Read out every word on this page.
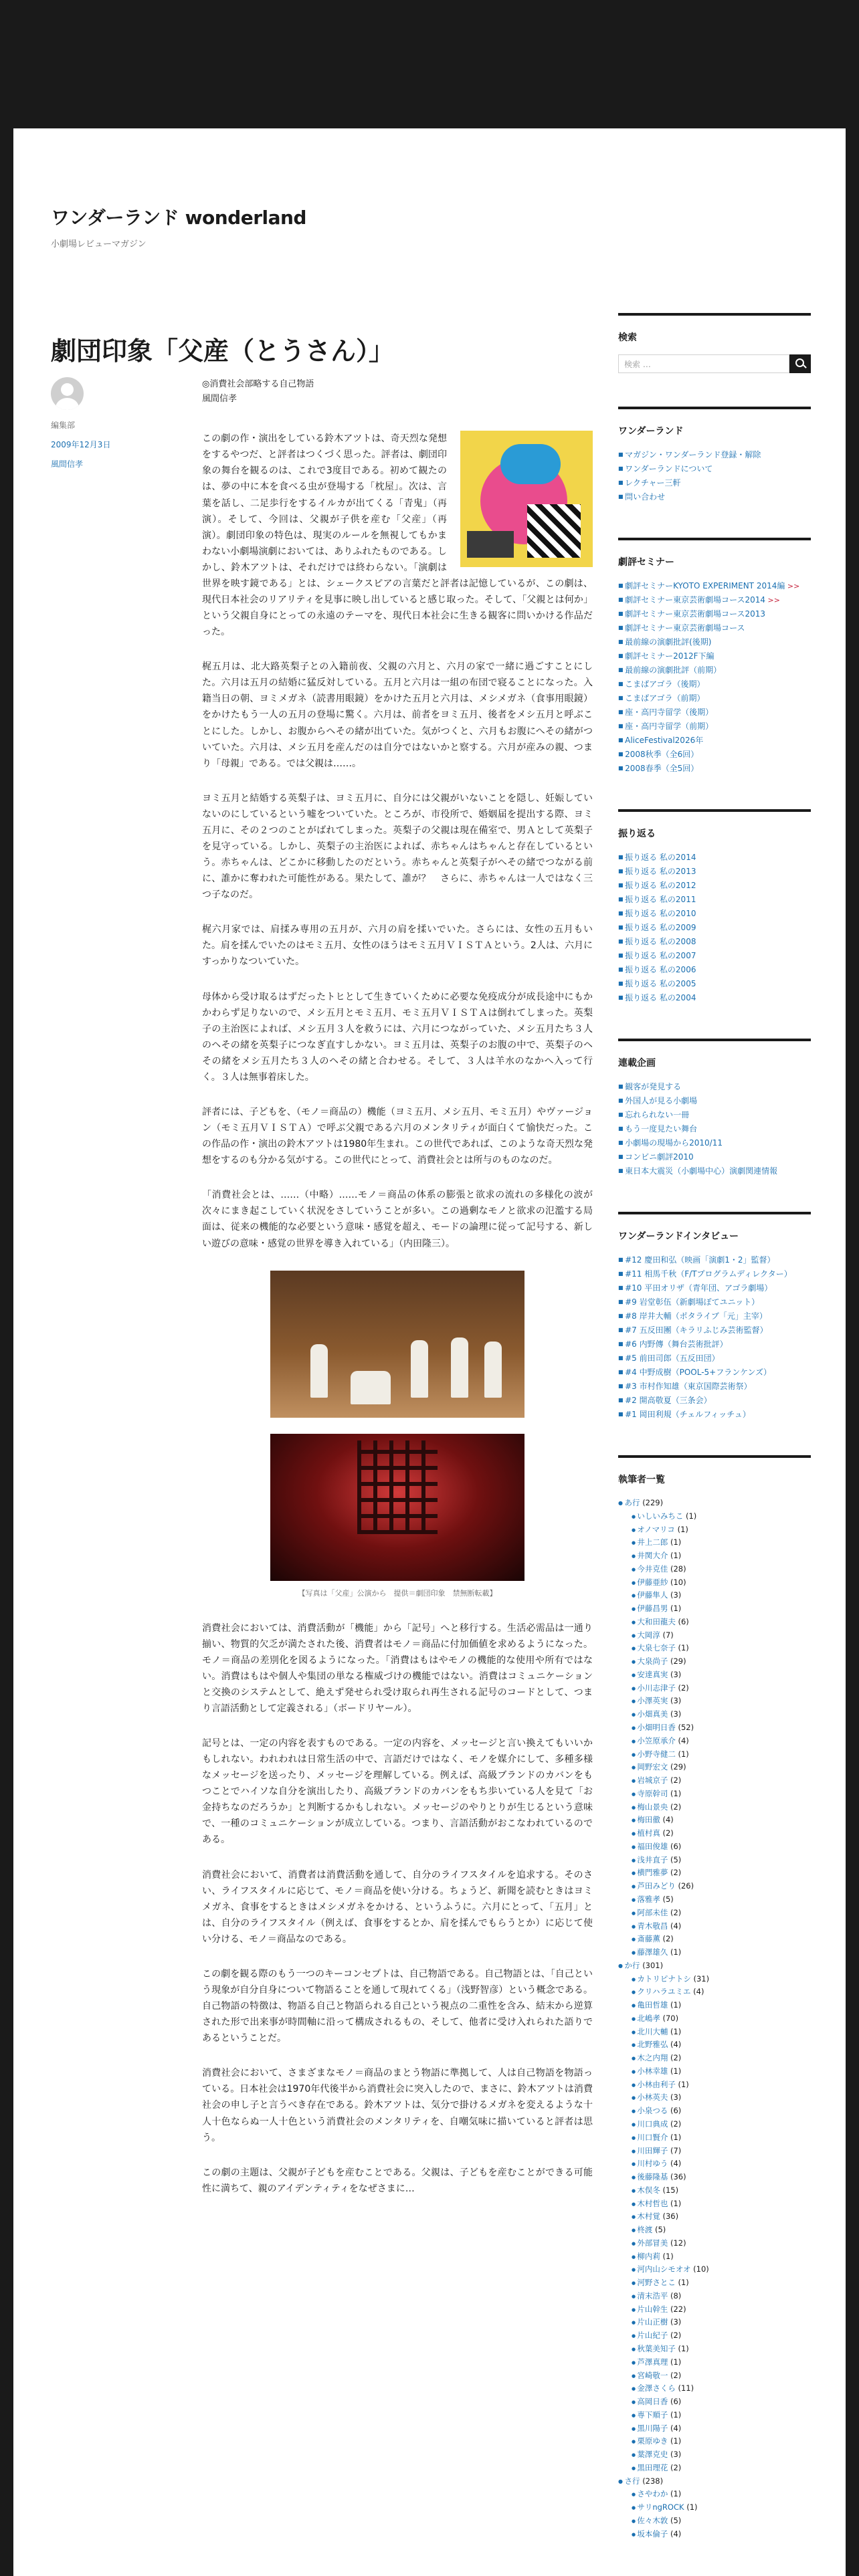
ワンダーランド wonderland
小劇場レビューマガジン
劇団印象「父産（とうさん）」
編集部
2009年12月3日
風間信孝
◎消費社会部略する自己物語
風間信孝

この劇の作・演出をしている鈴木アツトは、奇天烈な発想をするやつだ、と評者はつくづく思った。評者は、劇団印象の舞台を観るのは、これで3度目である。初めて観たのは、夢の中に本を食べる虫が登場する「枕屋」。次は、言葉を話し、二足歩行をするイルカが出てくる「青鬼」（再演）。そして、今回は、父親が子供を産む「父産」（再演）。劇団印象の特色は、現実のルールを無視してもかまわない小劇場演劇においては、ありふれたものである。しかし、鈴木アツトは、それだけでは終わらない。「演劇は世界を映す鏡である」とは、シェークスピアの言葉だと評者は記憶しているが、この劇は、現代日本社会のリアリティを見事に映し出していると感じ取った。そして、「父親とは何か」という父親自身にとっての永遠のテーマを、現代日本社会に生きる観客に問いかける作品だった。

梶五月は、北大路英梨子との入籍前夜、父親の六月と、六月の家で一緒に過ごすことにした。六月は五月の結婚に猛反対している。五月と六月は一組の布団で寝ることになった。入籍当日の朝、ヨミメガネ（読書用眼鏡）をかけた五月と六月は、メシメガネ（食事用眼鏡）をかけたもう一人の五月の登場に驚く。六月は、前者をヨミ五月、後者をメシ五月と呼ぶことにした。しかし、お腹からヘその緒が出ていた。気がつくと、六月もお腹にへその緒がついていた。六月は、メシ五月を産んだのは自分ではないかと察する。六月が産みの親、つまり「母親」である。では父親は……。

ヨミ五月と結婚する英梨子は、ヨミ五月に、自分には父親がいないことを隠し、妊娠していないのにしているという嘘をついていた。ところが、市役所で、婚姻届を提出する際、ヨミ五月に、その２つのことがばれてしまった。英梨子の父親は現在備室で、男Ａとして英梨子を見守っている。しかし、英梨子の主治医によれば、赤ちゃんはちゃんと存在しているという。赤ちゃんは、どこかに移動したのだという。赤ちゃんと英梨子がへその緒でつながる前に、誰かに奪われた可能性がある。果たして、誰が？　さらに、赤ちゃんは一人ではなく三つ子なのだ。

梶六月家では、肩揉み専用の五月が、六月の肩を揉いでいた。さらには、女性の五月もいた。肩を揉んでいたのはモミ五月、女性のほうはモミ五月ＶＩＳＴＡという。2人は、六月にすっかりなついていた。

母体から受け取るはずだったトヒとして生きていくために必要な免疫成分が成長途中にもかかわらず足りないので、メシ五月とモミ五月、モミ五月ＶＩＳＴＡは倒れてしまった。英梨子の主治医によれば、メシ五月３人を救うには、六月につながっていた、メシ五月たち３人のヘその緒を英梨子につなぎ直すしかない。ヨミ五月は、英梨子のお腹の中で、英梨子のヘその緒をメシ五月たち３人のヘその緒と合わせる。そして、３人は羊水のなかへ入って行く。３人は無事着床した。

評者には、子どもを、（モノ＝商品の）機能（ヨミ五月、メシ五月、モミ五月）やヴァージョン（モミ五月ＶＩＳＴＡ）で呼ぶ父親である六月のメンタリティが面白くて愉快だった。この作品の作・演出の鈴木アツトは1980年生まれ。この世代であれば、このような奇天烈な発想をするのも分かる気がする。この世代にとって、消費社会とは所与のものなのだ。

「消費社会とは、……（中略）……モノ＝商品の体系の膨張と欲求の流れの多様化の波が次々にまき起こしていく状況をさしていうことが多い。この過剰なモノと欲求の氾濫する局面は、従来の機能的な必要という意味・感覚を超え、モードの論理に従って記号する、新しい遊びの意味・感覚の世界を導き入れている」（内田隆三）。

【写真は「父産」公演から　提供＝劇団印象　禁無断転載】

消費社会においては、消費活動が「機能」から「記号」へと移行する。生活必需品は一通り揃い、物質的欠乏が満たされた後、消費者はモノ＝商品に付加価値を求めるようになった。モノ＝商品の差別化を図るようになった。「消費はもはやモノの機能的な使用や所有ではない。消費はもはや個人や集団の単なる権威づけの機能ではない。消費はコミュニケーションと交換のシステムとして、絶えず発せられ受け取られ再生される記号のコードとして、つまり言語活動として定義される」（ボードリヤール）。

記号とは、一定の内容を表すものである。一定の内容を、メッセージと言い換えてもいいかもしれない。われわれは日常生活の中で、言語だけではなく、モノを媒介にして、多種多様なメッセージを送ったり、メッセージを理解している。例えば、高級ブランドのカバンをもつことでハイソな自分を演出したり、高級ブランドのカバンをもち歩いている人を見て「お金持ちなのだろうか」と判断するかもしれない。メッセージのやりとりが生じるという意味で、一種のコミュニケーションが成立している。つまり、言語活動がおこなわれているのである。

消費社会において、消費者は消費活動を通して、自分のライフスタイルを追求する。そのさい、ライフスタイルに応じて、モノ＝商品を使い分ける。ちょうど、新聞を読むときはヨミメガネ、食事をするときはメシメガネをかける、というふうに。六月にとって、「五月」とは、自分のライフスタイル（例えば、食事をするとか、肩を揉んでもらうとか）に応じて使い分ける、モノ＝商品なのである。

この劇を観る際のもう一つのキーコンセプトは、自己物語である。自己物語とは、「自己という現象が自分自身について物語ることを通して現れてくる」（浅野智彦）という概念である。自己物語の特徴は、物語る自己と物語られる自己という視点の二重性を含み、結末から逆算された形で出来事が時間軸に沿って構成されるもの、そして、他者に受け入れられた語りであるということだ。

消費社会において、さまざまなモノ＝商品のまとう物語に準拠して、人は自己物語を物語っている。日本社会は1970年代後半から消費社会に突入したので、まさに、鈴木アツトは消費社会の申し子と言うべき存在である。鈴木アツトは、気分で掛けるメガネを変えるような十人十色ならぬ一人十色という消費社会のメンタリティを、自嘲気味に描いていると評者は思う。

この劇の主題は、父親が子どもを産むことである。父親は、子どもを産むことができる可能性に満ちて、親のアイデンティティをなぜさまに…

検索
検索 …
ワンダーランド
■ マガジン・ワンダーランド登録・解除
■ ワンダーランドについて
■ レクチャー三軒
■ 問い合わせ
劇評セミナー
■ 劇評セミナーKYOTO EXPERIMENT 2014編 >>
■ 劇評セミナー東京芸術劇場コース2014 >>
■ 劇評セミナー東京芸術劇場コース2013
■ 劇評セミナー東京芸術劇場コース
■ 最前線の演劇批評(後期)
■ 劇評セミナー2012F下編
■ 最前線の演劇批評（前期）
■ こまばアゴラ（後期）
■ こまばアゴラ（前期）
■ 座・高円寺留学（後期）
■ 座・高円寺留学（前期）
■ AliceFestival2026年
■ 2008秋季（全6回）
■ 2008春季（全5回）
振り返る
■ 振り返る 私の2014
■ 振り返る 私の2013
■ 振り返る 私の2012
■ 振り返る 私の2011
■ 振り返る 私の2010
■ 振り返る 私の2009
■ 振り返る 私の2008
■ 振り返る 私の2007
■ 振り返る 私の2006
■ 振り返る 私の2005
■ 振り返る 私の2004
連載企画
■ 観客が発見する
■ 外国人が見る小劇場
■ 忘れられない一冊
■ もう一度見たい舞台
■ 小劇場の現場から2010/11
■ コンビニ劇評2010
■ 東日本大震災（小劇場中心）演劇関連情報
ワンダーランドインタビュー
■ #12 慶田和弘（映画「演劇1・2」監督）
■ #11 相馬千秋（F/Tプログラムディレクター）
■ #10 平田オリザ（青年団、アゴラ劇場）
■ #9 岩堂彰伍（新劇場ぼてユニット）
■ #8 岸井大輔（ポタライブ「元」主宰）
■ #7 五反田團（キラリふじみ芸術監督）
■ #6 内野傳（舞台芸術批評）
■ #5 前田司郎（五反田団）
■ #4 中野成樹（POOL-5+フランケンズ）
■ #3 市村作知雄（東京国際芸術祭）
■ #2 開高敬夏（三条会）
■ #1 岡田利規（チェルフィッチュ）
執筆者一覧
● あ行 (229)
● いしいみちこ (1)
● オノマリコ (1)
● 井上二郎 (1)
● 井関大介 (1)
● 今井克佳 (28)
● 伊藤亜紗 (10)
● 伊藤隼人 (3)
● 伊藤昌男 (1)
● 大和田龍夫 (6)
● 大岡淳 (7)
● 大泉七奈子 (1)
● 大泉尚子 (29)
● 安達真実 (3)
● 小川志津子 (2)
● 小澤英実 (3)
● 小畑真美 (3)
● 小畑明日香 (52)
● 小笠原承介 (4)
● 小野寺健二 (1)
● 岡野宏文 (29)
● 岩城京子 (2)
● 寺原幹司 (1)
● 梅山景央 (2)
● 梅田徹 (4)
● 植村真 (2)
● 福田俊雄 (6)
● 浅井直子 (5)
● 横門雅夢 (2)
● 芦田みどり (26)
● 落雅孝 (5)
● 阿部未佳 (2)
● 青木敬昌 (4)
● 斎藤薫 (2)
● 藤澤雄久 (1)
● か行 (301)
● カトリピナトシ (31)
● クリハラユミエ (4)
● 亀田哲雄 (1)
● 北嶋孝 (70)
● 北川大輔 (1)
● 北野雅弘 (4)
● 木之内翔 (2)
● 小林幸雄 (1)
● 小林由利子 (1)
● 小林英夫 (3)
● 小泉つる (6)
● 川口典成 (2)
● 川口賢介 (1)
● 川田輝子 (7)
● 川村ゆう (4)
● 後藤隆基 (36)
● 木俣冬 (15)
● 木村哲也 (1)
● 木村覚 (36)
● 柊渡 (5)
● 外部冒美 (12)
● 柳内莉 (1)
● 河内山シモオオ (10)
● 河野さとこ (1)
● 清末浩平 (8)
● 片山幹生 (22)
● 片山正樹 (3)
● 片山紀子 (2)
● 秋葉美知子 (1)
● 芦澤真理 (1)
● 宮崎敬一 (2)
● 金澤さくら (11)
● 高岡日香 (6)
● 専下順子 (1)
● 黒川陽子 (4)
● 栗原ゆき (1)
● 葉澤克史 (3)
● 黒田理花 (2)
● さ行 (238)
● さやわか (1)
● サリngROCK (1)
● 佐々木敦 (5)
● 坂本倫子 (4)
